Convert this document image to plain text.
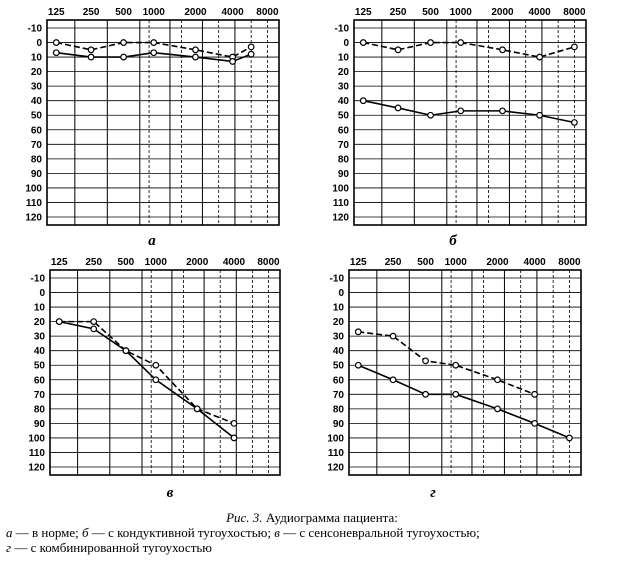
-10
0
10
20
30
40
50
60
70
80
90
100
110
120
125 250 500 1000 2000 4000 8000
а
-10
0
10
20
30
40
50
60
70
80
90
100
110
120
125 250 500 1000 2000 4000 8000
б
-10
0
10
20
30
40
50
60
70
80
90
100
110
120
125 250 500 1000 2000 4000 8000
в
-10
0
10
20
30
40
50
60
70
80
90
100
110
120
125 250 500 1000 2000 4000 8000
г
Рис. 3. Аудиограмма пациента:
а — в норме; б — с кондуктивной тугоухостью; в — с сенсоневральной тугоухостью;
г — с комбинированной тугоухостью
